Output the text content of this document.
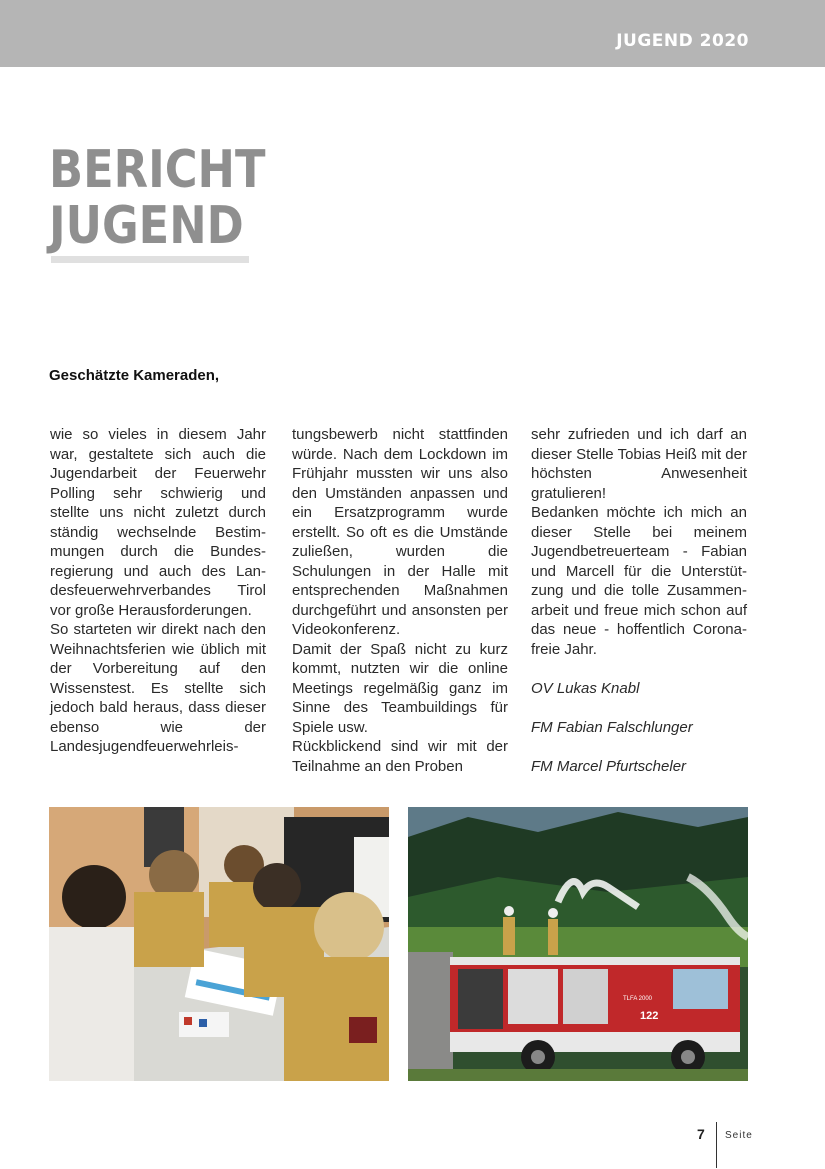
JUGEND 2020
BERICHT
JUGEND
Geschätzte Kameraden,

wie so vieles in diesem Jahr war, gestaltete sich auch die Jugendarbeit der Feuerwehr Polling sehr schwierig und stellte uns nicht zuletzt durch ständig wechselnde Bestimmungen durch die Bundesregierung und auch des Landesfeuerwehrverbandes Tirol vor große Herausforderungen.

So starteten wir direkt nach den Weihnachtsferien wie üblich mit der Vorbereitung auf den Wissenstest. Es stellte sich jedoch bald heraus, dass dieser ebenso wie der Landesjugendfeuerwehrleis-

tungsbewerb nicht stattfinden würde. Nach dem Lockdown im Frühjahr mussten wir uns also den Umständen anpassen und ein Ersatzprogramm wurde erstellt. So oft es die Umstände zuließen, wurden die Schulungen in der Halle mit entsprechenden Maßnahmen durchgeführt und ansonsten per Videokonferenz.

Damit der Spaß nicht zu kurz kommt, nutzten wir die online Meetings regelmäßig ganz im Sinne des Teambuildings für Spiele usw.

Rückblickend sind wir mit der Teilnahme an den Proben

sehr zufrieden und ich darf an dieser Stelle Tobias Heiß mit der höchsten Anwesenheit gratulieren!

Bedanken möchte ich mich an dieser Stelle bei meinem Jugendbetreuerteam - Fabian und Marcell für die Unterstützung und die tolle Zusammenarbeit und freue mich schon auf das neue - hoffentlich Corona-freie Jahr.

OV Lukas Knabl

FM Fabian Falschlunger

FM Marcel Pfurtscheler

TLFA 2000
122
7 Seite
